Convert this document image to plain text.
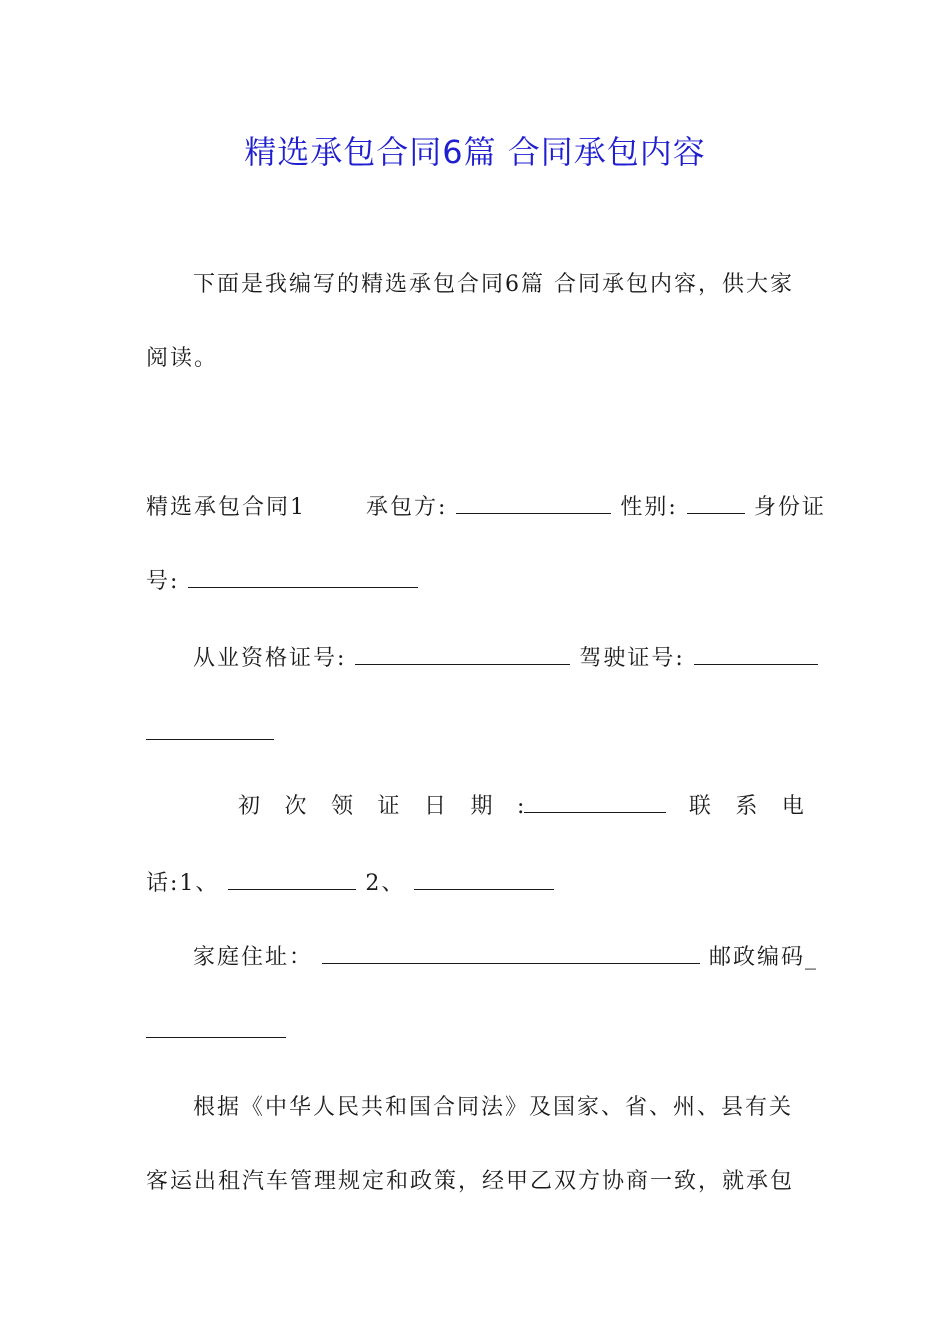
精选承包合同6篇 合同承包内容
下面是我编写的精选承包合同6篇 合同承包内容，供大家
阅读。
精选承包合同1	承包方:	性别:	身份证
号:
从业资格证号:	驾驶证号:
初 次 领 证 日 期 :	联 系 电
话:1、	2、
家庭住址：	邮政编码_
根据《中华人民共和国合同法》及国家、省、州、县有关
客运出租汽车管理规定和政策，经甲乙双方协商一致，就承包
